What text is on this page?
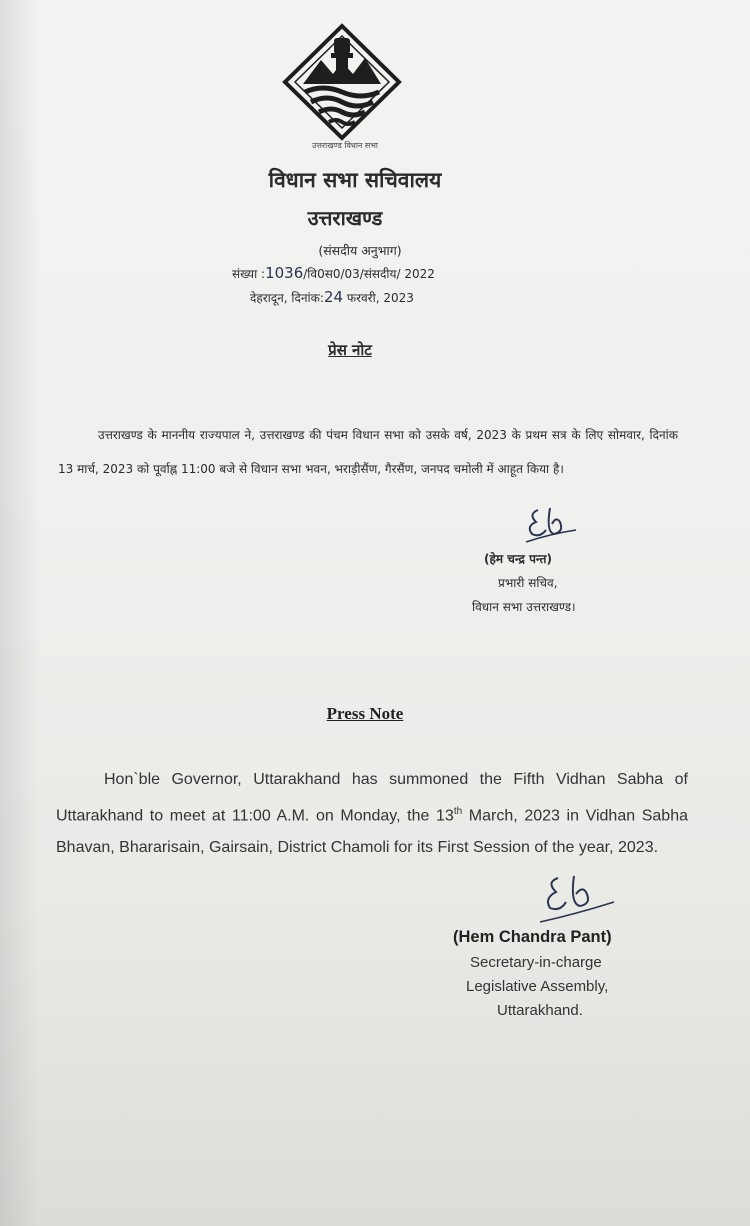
उत्तराखण्ड विधान सभा
विधान सभा सचिवालय
उत्तराखण्ड
(संसदीय अनुभाग)
संख्या :1036/वि0स0/03/संसदीय/ 2022
देहरादून, दिनांक:24 फरवरी, 2023
प्रेस नोट
उत्तराखण्ड के माननीय राज्यपाल ने, उत्तराखण्ड की पंचम विधान सभा को उसके वर्ष, 2023 के प्रथम सत्र के लिए सोमवार, दिनांक 13 मार्च, 2023 को पूर्वाह्न 11:00 बजे से विधान सभा भवन, भराड़ीसैंण, गैरसैंण, जनपद चमोली में आहूत किया है।
(हेम चन्द्र पन्त)
प्रभारी सचिव,
विधान सभा उत्तराखण्ड।
Press Note
Hon`ble Governor, Uttarakhand has summoned the Fifth Vidhan Sabha of Uttarakhand to meet at 11:00 A.M. on Monday, the 13th March, 2023 in Vidhan Sabha Bhavan, Bhararisain, Gairsain, District Chamoli for its First Session of the year, 2023.
(Hem Chandra Pant)
Secretary-in-charge
Legislative Assembly,
Uttarakhand.
